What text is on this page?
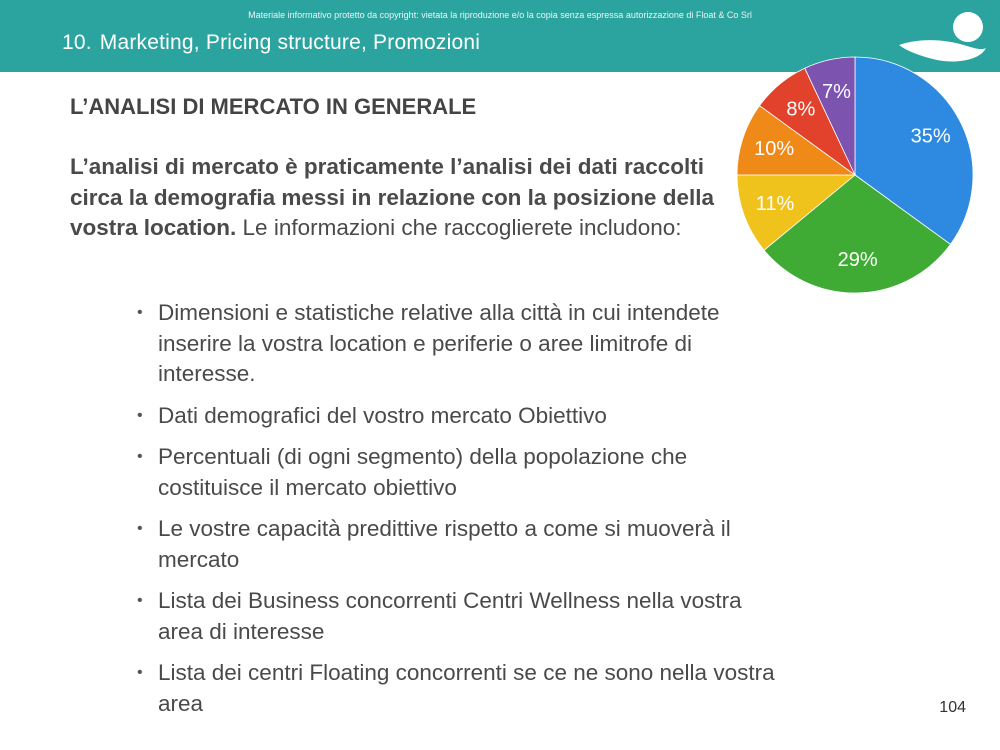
Materiale informativo protetto da copyright: vietata la riproduzione e/o la copia senza espressa autorizzazione di Float & Co Srl
10. Marketing, Pricing structure, Promozioni
L’ANALISI DI MERCATO IN GENERALE

L’analisi di mercato è praticamente l’analisi dei dati raccolti circa la demografia messi in relazione con la posizione della vostra location. Le informazioni che raccoglierete includono:

• Dimensioni e statistiche relative alla città in cui intendete inserire la vostra location e periferie o aree limitrofe di interesse.
• Dati demografici del vostro mercato Obiettivo
• Percentuali (di ogni segmento) della popolazione che costituisce il mercato obiettivo
• Le vostre capacità predittive rispetto a come si muoverà il mercato
• Lista dei Business concorrenti Centri Wellness nella vostra area di interesse
• Lista dei centri Floating concorrenti se ce ne sono nella vostra area
35%
29%
11%
10%
8%
7%
104
